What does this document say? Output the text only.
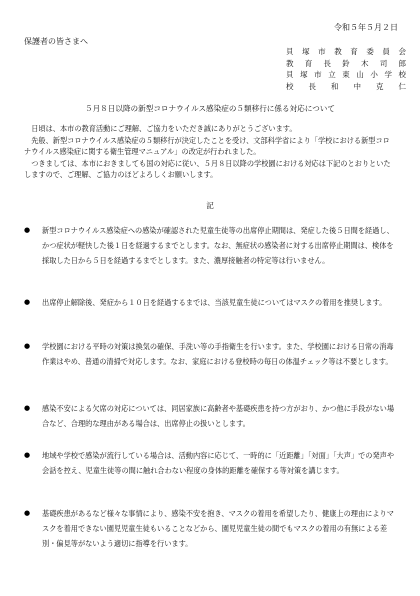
令和５年５月２日
保護者の皆さまへ
貝 塚 市 教 育 委 員 会
教 育 長 鈴 木 司 郎
貝 塚 市 立 東 山 小 学 校
校 長 和 中 克 仁
５月８日以降の新型コロナウイルス感染症の５類移行に係る対応について

日頃は、本市の教育活動にご理解、ご協力をいただき誠にありがとうございます。

先般、新型コロナウイルス感染症の５類移行が決定したことを受け、文部科学省により「学校における新型コロナウイルス感染症に関する衛生管理マニュアル」の改定が行われました。

つきましては、本市におきましても国の対応に従い、５月８日以降の学校園における対応は下記のとおりといたしますので、ご理解、ご協力のほどよろしくお願いします。

記
●	新型コロナウイルス感染症への感染が確認された児童生徒等の出席停止期間は、発症した後５日間を経過し、かつ症状が軽快した後１日を経過するまでとします。なお、無症状の感染者に対する出席停止期間は、検体を採取した日から５日を経過するまでとします。また、濃厚接触者の特定等は行いません。
●	出席停止解除後、発症から１０日を経過するまでは、当該児童生徒についてはマスクの着用を推奨します。
●	学校園における平時の対策は換気の確保、手洗い等の手指衛生を行います。また、学校園における日常の消毒作業はやめ、普通の清掃で対応します。なお、家庭における登校時の毎日の体温チェック等は不要とします。
●	感染不安による欠席の対応については、同居家族に高齢者や基礎疾患を持つ方がおり、かつ他に手段がない場合など、合理的な理由がある場合は、出席停止の扱いとします。
●	地域や学校で感染が流行している場合は、活動内容に応じて、一時的に「近距離」「対面」「大声」での発声や会話を控え、児童生徒等の間に触れ合わない程度の身体的距離を確保する等対策を講じます。
●	基礎疾患があるなど様々な事情により、感染不安を抱き、マスクの着用を希望したり、健康上の理由によりマスクを着用できない園児児童生徒もいることなどから、園児児童生徒の間でもマスクの着用の有無による差別・偏見等がないよう適切に指導を行います。
